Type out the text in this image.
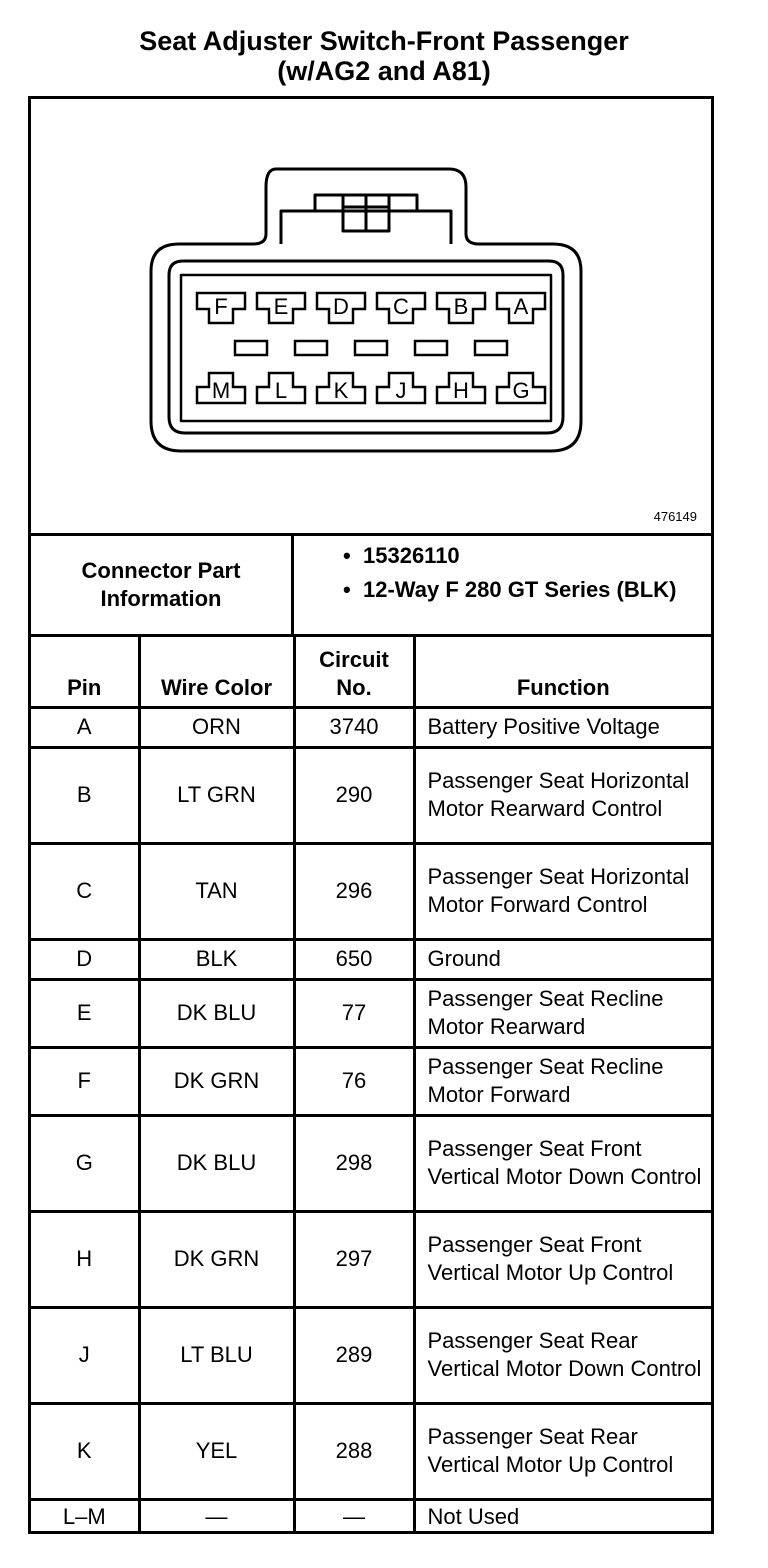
Seat Adjuster Switch-Front Passenger
(w/AG2 and A81)
F E D C B A
M L K J H G
476149
Connector Part Information
• 15326110
• 12-Way F 280 GT Series (BLK)
Pin	Wire Color	Circuit No.	Function
A	ORN	3740	Battery Positive Voltage
B	LT GRN	290	Passenger Seat Horizontal Motor Rearward Control
C	TAN	296	Passenger Seat Horizontal Motor Forward Control
D	BLK	650	Ground
E	DK BLU	77	Passenger Seat Recline Motor Rearward
F	DK GRN	76	Passenger Seat Recline Motor Forward
G	DK BLU	298	Passenger Seat Front Vertical Motor Down Control
H	DK GRN	297	Passenger Seat Front Vertical Motor Up Control
J	LT BLU	289	Passenger Seat Rear Vertical Motor Down Control
K	YEL	288	Passenger Seat Rear Vertical Motor Up Control
L–M	—	—	Not Used
